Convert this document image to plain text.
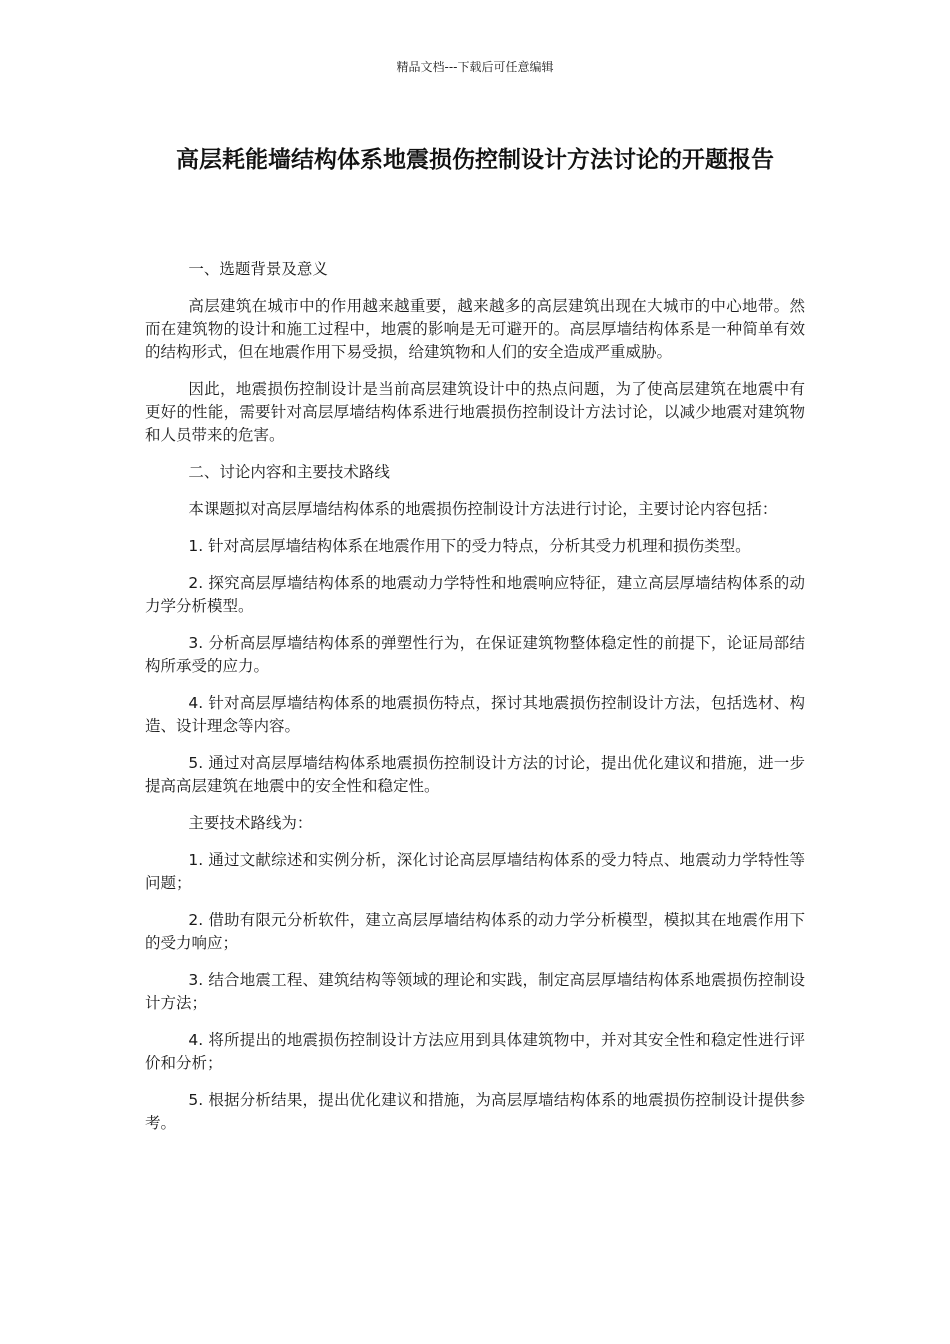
精品文档---下载后可任意编辑
高层耗能墙结构体系地震损伤控制设计方法讨论的开题报告

一、选题背景及意义

高层建筑在城市中的作用越来越重要，越来越多的高层建筑出现在大城市的中心地带。然而在建筑物的设计和施工过程中，地震的影响是无可避开的。高层厚墙结构体系是一种简单有效的结构形式，但在地震作用下易受损，给建筑物和人们的安全造成严重威胁。

因此，地震损伤控制设计是当前高层建筑设计中的热点问题，为了使高层建筑在地震中有更好的性能，需要针对高层厚墙结构体系进行地震损伤控制设计方法讨论，以减少地震对建筑物和人员带来的危害。

二、讨论内容和主要技术路线

本课题拟对高层厚墙结构体系的地震损伤控制设计方法进行讨论，主要讨论内容包括：

1. 针对高层厚墙结构体系在地震作用下的受力特点，分析其受力机理和损伤类型。

2. 探究高层厚墙结构体系的地震动力学特性和地震响应特征，建立高层厚墙结构体系的动力学分析模型。

3. 分析高层厚墙结构体系的弹塑性行为，在保证建筑物整体稳定性的前提下，论证局部结构所承受的应力。

4. 针对高层厚墙结构体系的地震损伤特点，探讨其地震损伤控制设计方法，包括选材、构造、设计理念等内容。

5. 通过对高层厚墙结构体系地震损伤控制设计方法的讨论，提出优化建议和措施，进一步提高高层建筑在地震中的安全性和稳定性。

主要技术路线为：

1. 通过文献综述和实例分析，深化讨论高层厚墙结构体系的受力特点、地震动力学特性等问题；

2. 借助有限元分析软件，建立高层厚墙结构体系的动力学分析模型，模拟其在地震作用下的受力响应；

3. 结合地震工程、建筑结构等领域的理论和实践，制定高层厚墙结构体系地震损伤控制设计方法；

4. 将所提出的地震损伤控制设计方法应用到具体建筑物中，并对其安全性和稳定性进行评价和分析；

5. 根据分析结果，提出优化建议和措施，为高层厚墙结构体系的地震损伤控制设计提供参考。
